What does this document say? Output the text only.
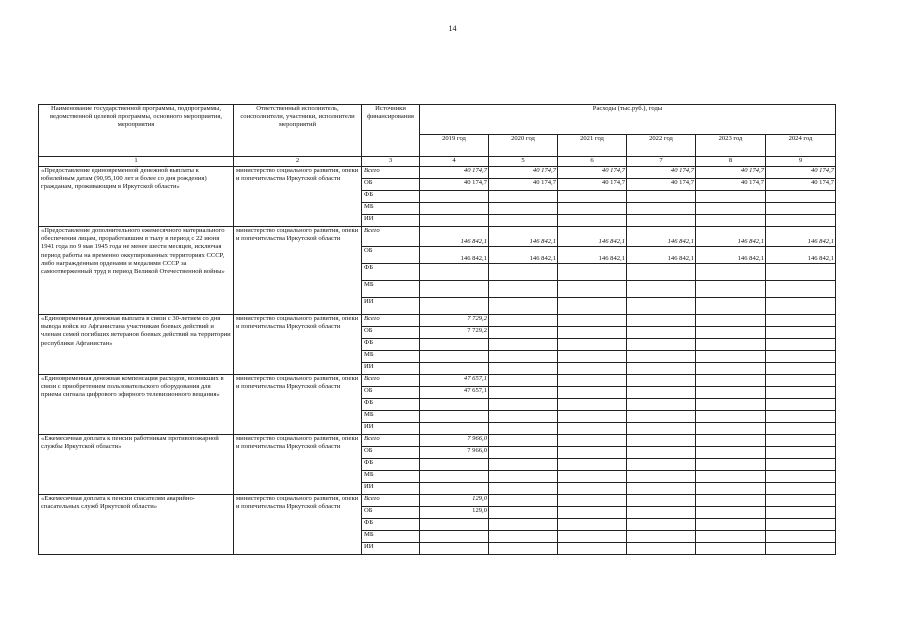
14
Наименование государственной программы, подпрограммы, ведомственной целевой программы, основного мероприятия, мероприятия	Ответственный исполнитель, соисполнители, участники, исполнители мероприятий	Источники финансирования	Расходы (тыс.руб.), годы					
			2019 год	2020 год	2021 год	2022 год	2023 год	2024 год
1	2	3	4	5	6	7	8	9
«Предоставление единовременной денежной выплаты к юбилейным датам (90,95,100 лет и более со дня рождения) гражданам, проживающим в Иркутской области»	министерство социального развития, опеки и попечительства Иркутской области	Всего	40 174,7	40 174,7	40 174,7	40 174,7	40 174,7	40 174,7
		ОБ	40 174,7	40 174,7	40 174,7	40 174,7	40 174,7	40 174,7
		ФБ						
		МБ						
		ИИ						
«Предоставление дополнительного ежемесячного материального обеспечения лицам, проработавшим в тылу в период с 22 июня 1941 года по 9 мая 1945 года не менее шести месяцев, исключая период работы на временно оккупированных территориях СССР, либо награжденным орденами и медалями СССР за самоотверженный труд в период Великой Отечественной войны»	министерство социального развития, опеки и попечительства Иркутской области	Всего	146 842,1	146 842,1	146 842,1	146 842,1	146 842,1	146 842,1
		ОБ	146 842,1	146 842,1	146 842,1	146 842,1	146 842,1	146 842,1
		ФБ						
		МБ						
		ИИ						
«Единовременная денежная выплата в связи с 30-летием со дня вывода войск из Афганистана участникам боевых действий и членам семей погибших ветеранов боевых действий на территории республики Афганистан»	министерство социального развития, опеки и попечительства Иркутской области	Всего	7 729,2					
		ОБ	7 729,2					
		ФБ						
		МБ						
		ИИ						
«Единовременная денежная компенсация расходов, возникших в связи с приобретением пользовательского оборудования для приема сигнала цифрового эфирного телевизионного вещания»	министерство социального развития, опеки и попечительства Иркутской области	Всего	47 657,1					
		ОБ	47 657,1					
		ФБ						
		МБ						
		ИИ						
«Ежемесячная доплата к пенсии работникам противопожарной службы Иркутской области»	министерство социального развития, опеки и попечительства Иркутской области	Всего	7 966,0					
		ОБ	7 966,0					
		ФБ						
		МБ						
		ИИ						
«Ежемесячная доплата к пенсии спасателям аварийно-спасательных служб Иркутской области»	министерство социального развития, опеки и попечительства Иркутской области	Всего	129,0					
		ОБ	129,0					
		ФБ						
		МБ						
		ИИ						
